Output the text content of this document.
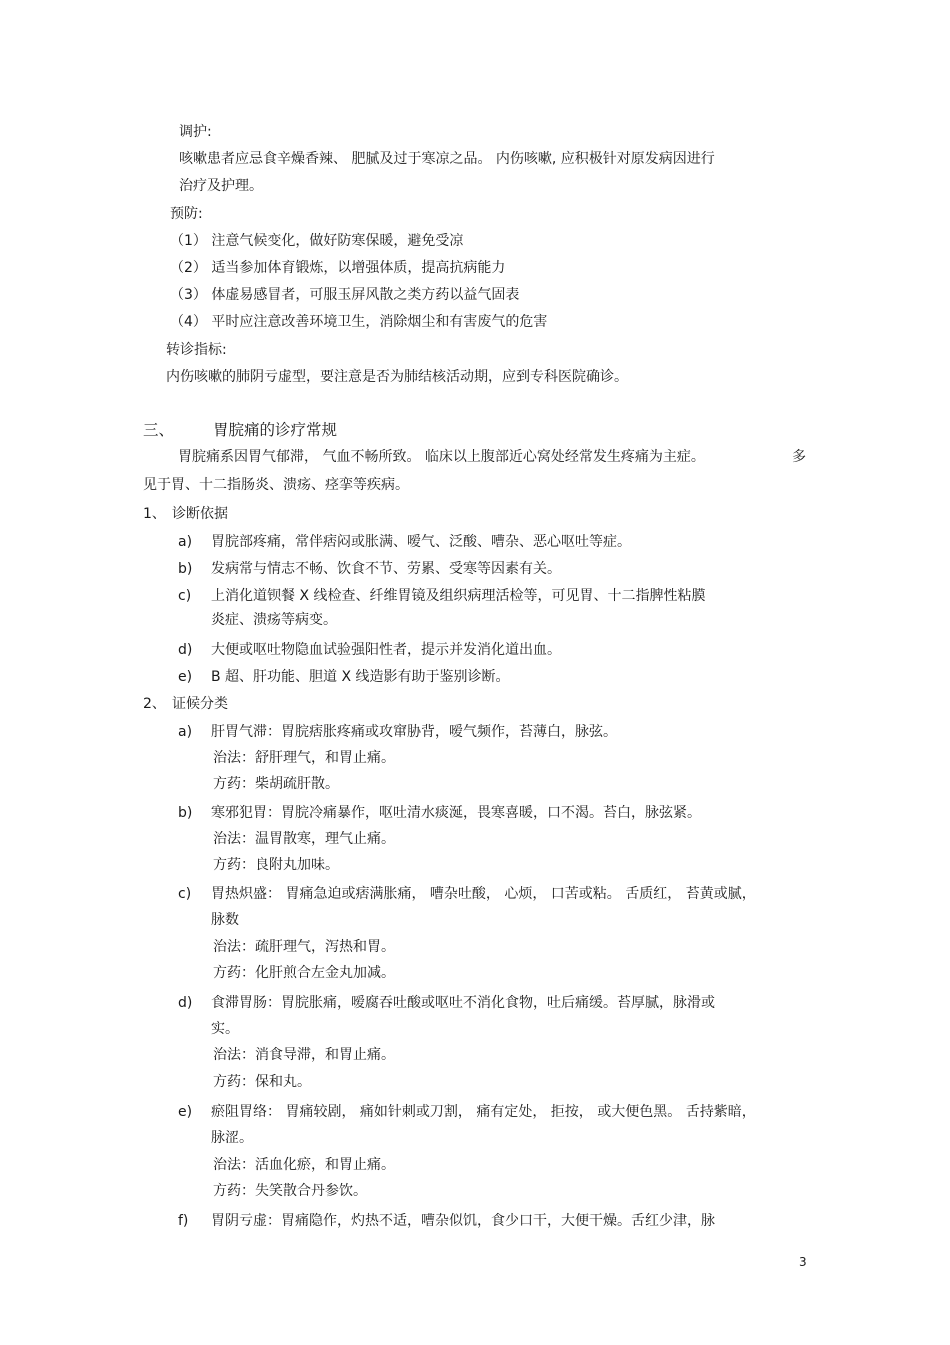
调护:
咳嗽患者应忌食辛燥香辣、 肥腻及过于寒凉之品。 内伤咳嗽, 应积极针对原发病因进行
治疗及护理。
预防:
（1） 注意气候变化，做好防寒保暖，避免受凉
（2） 适当参加体育锻炼，以增强体质，提高抗病能力
（3） 体虚易感冒者，可服玉屏风散之类方药以益气固表
（4） 平时应注意改善环境卫生，消除烟尘和有害废气的危害
转诊指标:
内伤咳嗽的肺阴亏虚型，要注意是否为肺结核活动期，应到专科医院确诊。
三、	胃脘痛的诊疗常规
胃脘痛系因胃气郁滞， 气血不畅所致。 临床以上腹部近心窝处经常发生疼痛为主症。	多
见于胃、十二指肠炎、溃疡、痉挛等疾病。
1、 诊断依据
a) 胃脘部疼痛，常伴痞闷或胀满、嗳气、泛酸、嘈杂、恶心呕吐等症。
b) 发病常与情志不畅、饮食不节、劳累、受寒等因素有关。
c) 上消化道钡餐 X 线检查、纤维胃镜及组织病理活检等，可见胃、十二指脾性粘膜
炎症、溃疡等病变。
d) 大便或呕吐物隐血试验强阳性者，提示并发消化道出血。
e) B 超、肝功能、胆道 X 线造影有助于鉴别诊断。
2、 证候分类
a) 肝胃气滞：胃脘痞胀疼痛或攻窜胁背，嗳气频作，苔薄白，脉弦。
治法：舒肝理气，和胃止痛。
方药：柴胡疏肝散。
b) 寒邪犯胃：胃脘冷痛暴作，呕吐清水痰涎，畏寒喜暖，口不渴。苔白，脉弦紧。
治法：温胃散寒，理气止痛。
方药：良附丸加味。
c) 胃热炽盛： 胃痛急迫或痞满胀痛， 嘈杂吐酸， 心烦， 口苦或粘。 舌质红， 苔黄或腻，
脉数
治法：疏肝理气，泻热和胃。
方药：化肝煎合左金丸加减。
d) 食滞胃肠：胃脘胀痛，嗳腐吞吐酸或呕吐不消化食物，吐后痛缓。苔厚腻，脉滑或
实。
治法：消食导滞，和胃止痛。
方药：保和丸。
e) 瘀阻胃络： 胃痛较剧， 痛如针刺或刀割， 痛有定处， 拒按， 或大便色黑。 舌持紫暗，
脉涩。
治法：活血化瘀，和胃止痛。
方药：失笑散合丹参饮。
f) 胃阴亏虚：胃痛隐作，灼热不适，嘈杂似饥，食少口干，大便干燥。舌红少津，脉
3
